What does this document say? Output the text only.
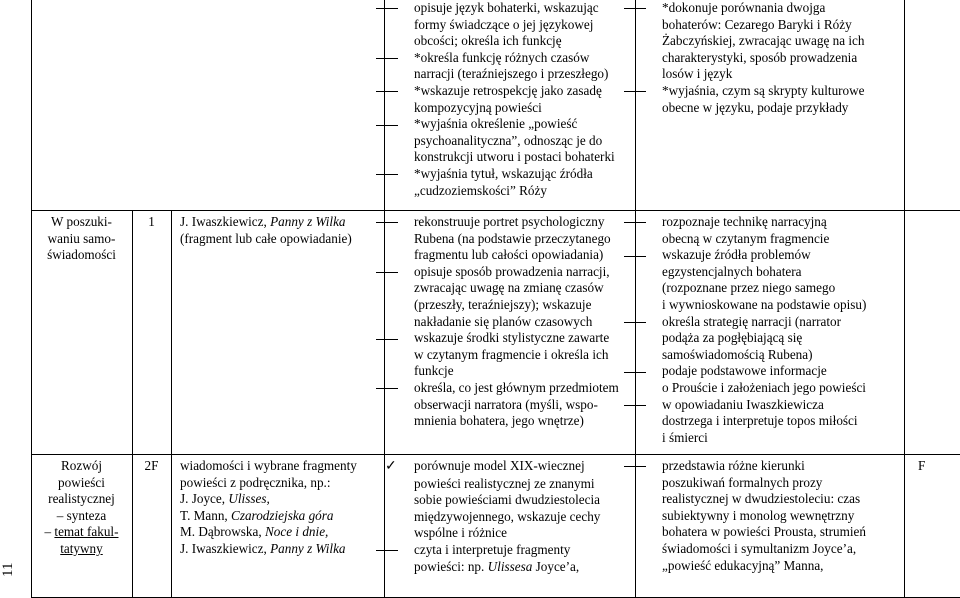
11
opisuje język bohaterki, wskazując
formy świadczące o jej językowej
obcości; określa ich funkcję
*określa funkcję różnych czasów
narracji (teraźniejszego i przeszłego)
*wskazuje retrospekcję jako zasadę
kompozycyjną powieści
*wyjaśnia określenie „powieść
psychoanalityczna”, odnosząc je do
konstrukcji utworu i postaci bohaterki
*wyjaśnia tytuł, wskazując źródła
„cudzoziemskości” Róży
*dokonuje porównania dwojga
bohaterów: Cezarego Baryki i Róży
Żabczyńskiej, zwracając uwagę na ich
charakterystyki, sposób prowadzenia
losów i język
*wyjaśnia, czym są skrypty kulturowe
obecne w języku, podaje przykłady
W poszuki-
waniu samo-
świadomości
1	J. Iwaszkiewicz, Panny z Wilka
(fragment lub całe opowiadanie)
rekonstruuje portret psychologiczny
Rubena (na podstawie przeczytanego
fragmentu lub całości opowiadania)
opisuje sposób prowadzenia narracji,
zwracając uwagę na zmianę czasów
(przeszły, teraźniejszy); wskazuje
nakładanie się planów czasowych
wskazuje środki stylistyczne zawarte
w czytanym fragmencie i określa ich
funkcje
określa, co jest głównym przedmiotem
obserwacji narratora (myśli, wspo-
mnienia bohatera, jego wnętrze)
rozpoznaje technikę narracyjną
obecną w czytanym fragmencie
wskazuje źródła problemów
egzystencjalnych bohatera
(rozpoznane przez niego samego
i wywnioskowane na podstawie opisu)
określa strategię narracji (narrator
podąża za pogłębiającą się
samoświadomością Rubena)
podaje podstawowe informacje
o Prouście i założeniach jego powieści
w opowiadaniu Iwaszkiewicza
dostrzega i interpretuje topos miłości
i śmierci
Rozwój
powieści
realistycznej
– synteza
– temat fakul-
tatywny
2F	wiadomości i wybrane fragmenty
powieści z podręcznika, np.:
J. Joyce, Ulisses,
T. Mann, Czarodziejska góra
M. Dąbrowska, Noce i dnie,
J. Iwaszkiewicz, Panny z Wilka
✓ porównuje model XIX-wiecznej
powieści realistycznej ze znanymi
sobie powieściami dwudziestolecia
międzywojennego, wskazuje cechy
wspólne i różnice
czyta i interpretuje fragmenty
powieści: np. Ulissesa Joyce’a,
przedstawia różne kierunki
poszukiwań formalnych prozy
realistycznej w dwudziestoleciu: czas
subiektywny i monolog wewnętrzny
bohatera w powieści Prousta, strumień
świadomości i symultanizm Joyce’a,
„powieść edukacyjną” Manna,
F
